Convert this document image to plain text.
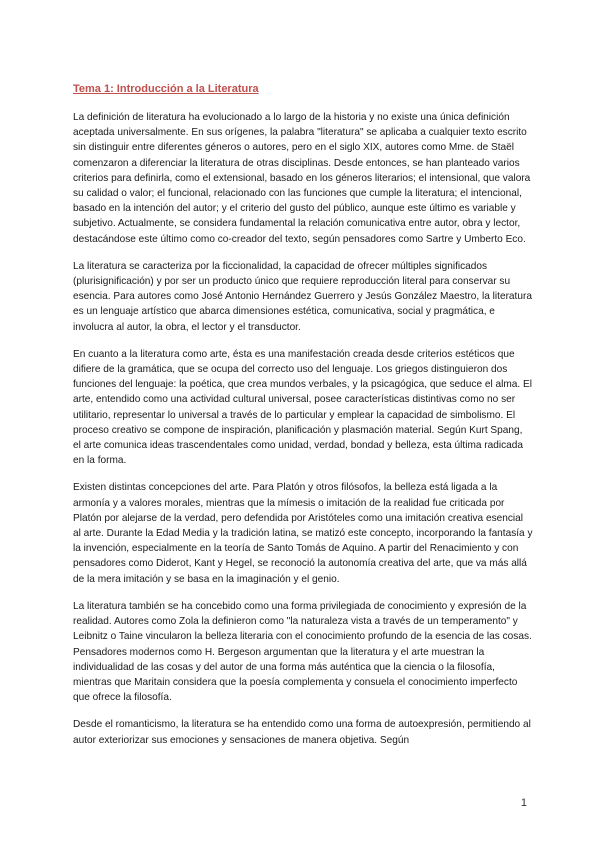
Tema 1: Introducción a la Literatura

La definición de literatura ha evolucionado a lo largo de la historia y no existe una única definición aceptada universalmente. En sus orígenes, la palabra "literatura" se aplicaba a cualquier texto escrito sin distinguir entre diferentes géneros o autores, pero en el siglo XIX, autores como Mme. de Staël comenzaron a diferenciar la literatura de otras disciplinas. Desde entonces, se han planteado varios criterios para definirla, como el extensional, basado en los géneros literarios; el intensional, que valora su calidad o valor; el funcional, relacionado con las funciones que cumple la literatura; el intencional, basado en la intención del autor; y el criterio del gusto del público, aunque este último es variable y subjetivo. Actualmente, se considera fundamental la relación comunicativa entre autor, obra y lector, destacándose este último como co-creador del texto, según pensadores como Sartre y Umberto Eco.

La literatura se caracteriza por la ficcionalidad, la capacidad de ofrecer múltiples significados (plurisignificación) y por ser un producto único que requiere reproducción literal para conservar su esencia. Para autores como José Antonio Hernández Guerrero y Jesús González Maestro, la literatura es un lenguaje artístico que abarca dimensiones estética, comunicativa, social y pragmática, e involucra al autor, la obra, el lector y el transductor.

En cuanto a la literatura como arte, ésta es una manifestación creada desde criterios estéticos que difiere de la gramática, que se ocupa del correcto uso del lenguaje. Los griegos distinguieron dos funciones del lenguaje: la poética, que crea mundos verbales, y la psicagógica, que seduce el alma. El arte, entendido como una actividad cultural universal, posee características distintivas como no ser utilitario, representar lo universal a través de lo particular y emplear la capacidad de simbolismo. El proceso creativo se compone de inspiración, planificación y plasmación material. Según Kurt Spang, el arte comunica ideas trascendentales como unidad, verdad, bondad y belleza, esta última radicada en la forma.

Existen distintas concepciones del arte. Para Platón y otros filósofos, la belleza está ligada a la armonía y a valores morales, mientras que la mímesis o imitación de la realidad fue criticada por Platón por alejarse de la verdad, pero defendida por Aristóteles como una imitación creativa esencial al arte. Durante la Edad Media y la tradición latina, se matizó este concepto, incorporando la fantasía y la invención, especialmente en la teoría de Santo Tomás de Aquino. A partir del Renacimiento y con pensadores como Diderot, Kant y Hegel, se reconoció la autonomía creativa del arte, que va más allá de la mera imitación y se basa en la imaginación y el genio.

La literatura también se ha concebido como una forma privilegiada de conocimiento y expresión de la realidad. Autores como Zola la definieron como "la naturaleza vista a través de un temperamento" y Leibnitz o Taine vincularon la belleza literaria con el conocimiento profundo de la esencia de las cosas. Pensadores modernos como H. Bergeson argumentan que la literatura y el arte muestran la individualidad de las cosas y del autor de una forma más auténtica que la ciencia o la filosofía, mientras que Maritain considera que la poesía complementa y consuela el conocimiento imperfecto que ofrece la filosofía.

Desde el romanticismo, la literatura se ha entendido como una forma de autoexpresión, permitiendo al autor exteriorizar sus emociones y sensaciones de manera objetiva. Según

1
